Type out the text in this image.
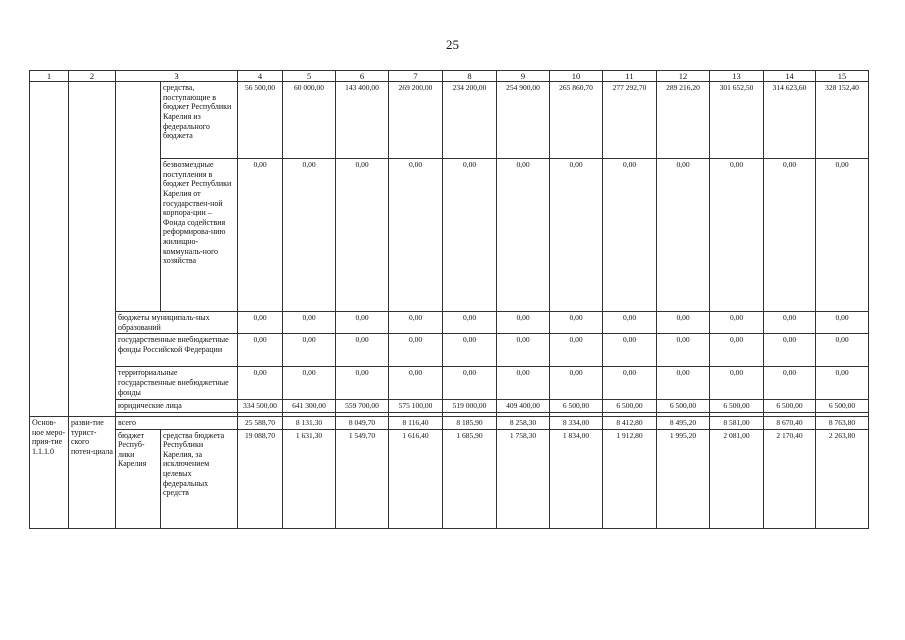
25
1	2	3		4	5	6	7	8	9	10	11	12	13	14	15	
			средства, поступающие в бюджет Республики Карелия из федерального бюджета	56 500,00	60 000,00	143 400,00	269 200,00	234 200,00	254 900,00	265 860,70	277 292,70	289 216,20	301 652,50	314 623,60	328 152,40	
			безвозмездные поступления в бюджет Республики Карелия от государствен-ной корпора-ции – Фонда содействия реформирова-нию жилищно-коммуналь-ного хозяйства	0,00	0,00	0,00	0,00	0,00	0,00	0,00	0,00	0,00	0,00	0,00	0,00	
		бюджеты муниципаль-ных образований		0,00	0,00	0,00	0,00	0,00	0,00	0,00	0,00	0,00	0,00	0,00	0,00	
		государственные внебюджетные фонды Российской Федерации		0,00	0,00	0,00	0,00	0,00	0,00	0,00	0,00	0,00	0,00	0,00	0,00	
		территориальные государственные внебюджетные фонды		0,00	0,00	0,00	0,00	0,00	0,00	0,00	0,00	0,00	0,00	0,00	0,00	
		юридические лица		334 500,00	641 300,00	559 700,00	575 100,00	519 000,00	409 400,00	6 500,00	6 500,00	6 500,00	6 500,00	6 500,00	6 500,00	

Основ-ное меро-прия-тие 1.1.1.0	разви-тие турист-ского потен-циала	всего		25 588,70	8 131,30	8 049,70	8 116,40	8 185,90	8 258,30	8 334,00	8 412,80	8 495,20	8 581,00	8 670,40	8 763,80	
		бюджет Респуб-лики Карелия	средства бюджета Республики Карелия, за исключением целевых федеральных средств	19 088,70	1 631,30	1 549,70	1 616,40	1 685,90	1 758,30	1 834,00	1 912,80	1 995,20	2 081,00	2 170,40	2 263,80	
